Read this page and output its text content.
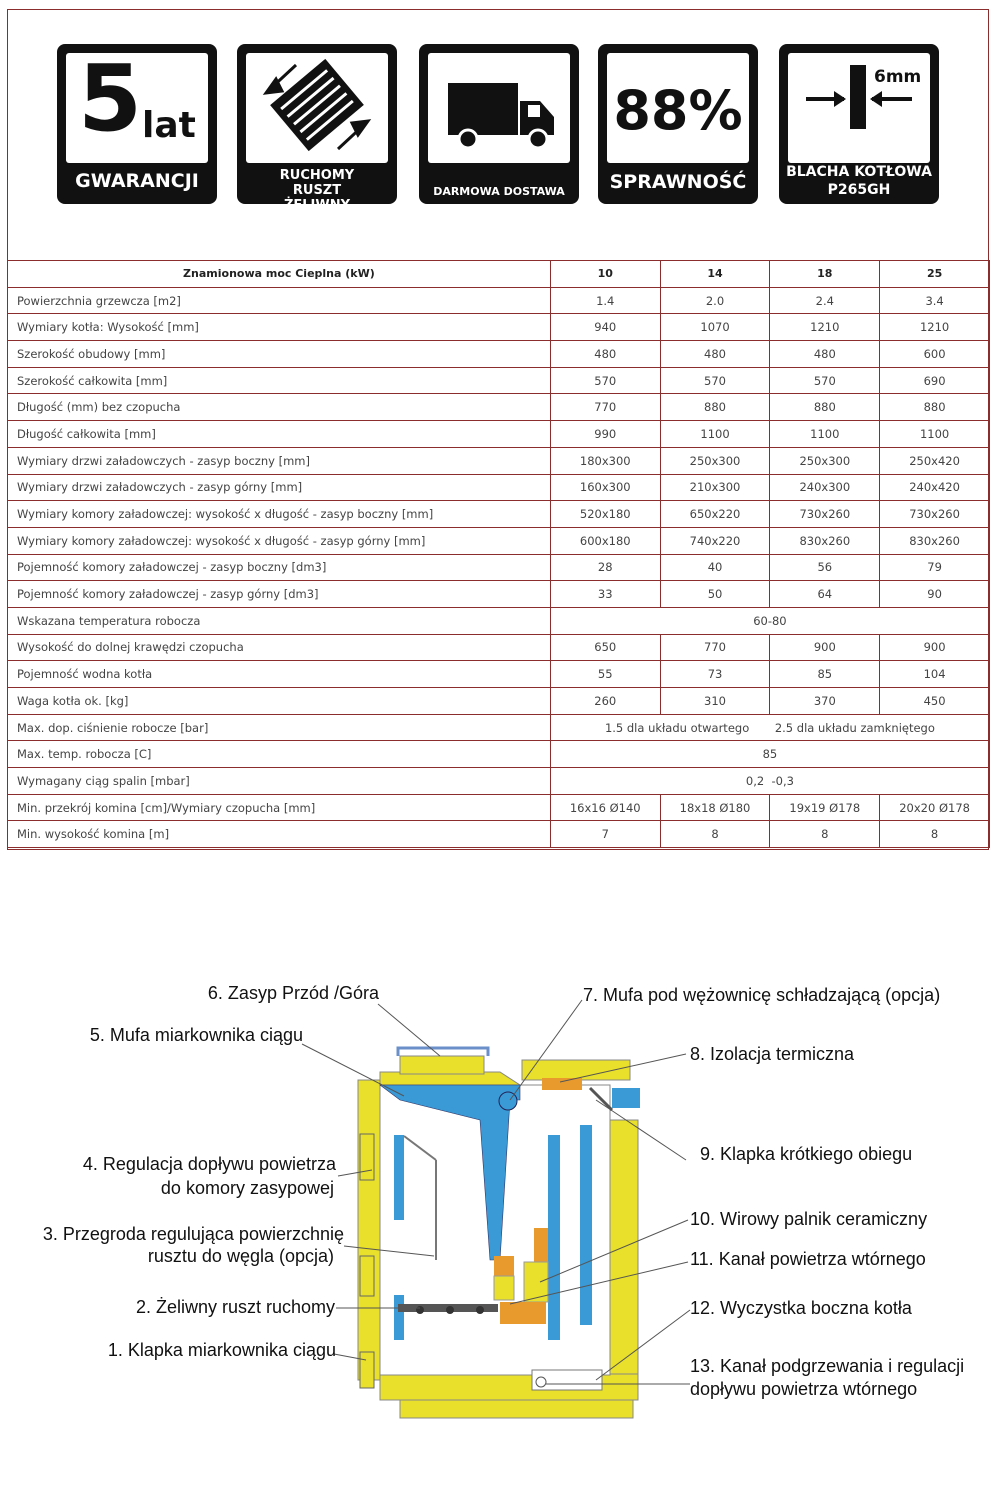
5 lat
GWARANCJI	RUCHOMY RUSZT ŻELIWNY
DARMOWA DOSTAWA
88%
SPRAWNOŚĆ
6mm
BLACHA KOTŁOWA
P265GH
Znamionowa moc Cieplna (kW)	10	14	18	25
Powierzchnia grzewcza [m2]	1.4	2.0	2.4	3.4
Wymiary kotła: Wysokość [mm]	940	1070	1210	1210
Szerokość obudowy [mm]	480	480	480	600
Szerokość całkowita [mm]	570	570	570	690
Długość (mm) bez czopucha	770	880	880	880
Długość całkowita [mm]	990	1100	1100	1100
Wymiary drzwi załadowczych - zasyp boczny [mm]	180x300	250x300	250x300	250x420
Wymiary drzwi załadowczych - zasyp górny [mm]	160x300	210x300	240x300	240x420
Wymiary komory załadowczej: wysokość x długość - zasyp boczny [mm]	520x180	650x220	730x260	730x260
Wymiary komory załadowczej: wysokość x długość - zasyp górny [mm]	600x180	740x220	830x260	830x260
Pojemność komory załadowczej - zasyp boczny [dm3]	28	40	56	79
Pojemność komory załadowczej - zasyp górny [dm3]	33	50	64	90
Wskazana temperatura robocza	60-80			
Wysokość do dolnej krawędzi czopucha	650	770	900	900
Pojemność wodna kotła	55	73	85	104
Waga kotła ok. [kg]	260	310	370	450
Max. dop. ciśnienie robocze [bar]	1.5 dla układu otwartego       2.5 dla układu zamkniętego			
Max. temp. robocza [C]	85			
Wymagany ciąg spalin [mbar]	0,2  -0,3			
Min. przekrój komina [cm]/Wymiary czopucha [mm]	16x16 Ø140	18x18 Ø180	19x19 Ø178	20x20 Ø178
Min. wysokość komina [m]	7	8	8	8
6. Zasyp Przód /Góra
5. Mufa miarkownika ciągu
4. Regulacja dopływu powietrza
do komory zasypowej
3. Przegroda regulująca powierzchnię
rusztu do węgla (opcja)
2. Żeliwny ruszt ruchomy
1. Klapka miarkownika ciągu
7. Mufa pod wężownicę schładzającą (opcja)
8. Izolacja termiczna
9. Klapka krótkiego obiegu
10. Wirowy palnik ceramiczny
11. Kanał powietrza wtórnego
12. Wyczystka boczna kotła
13. Kanał podgrzewania i regulacji
dopływu powietrza wtórnego
